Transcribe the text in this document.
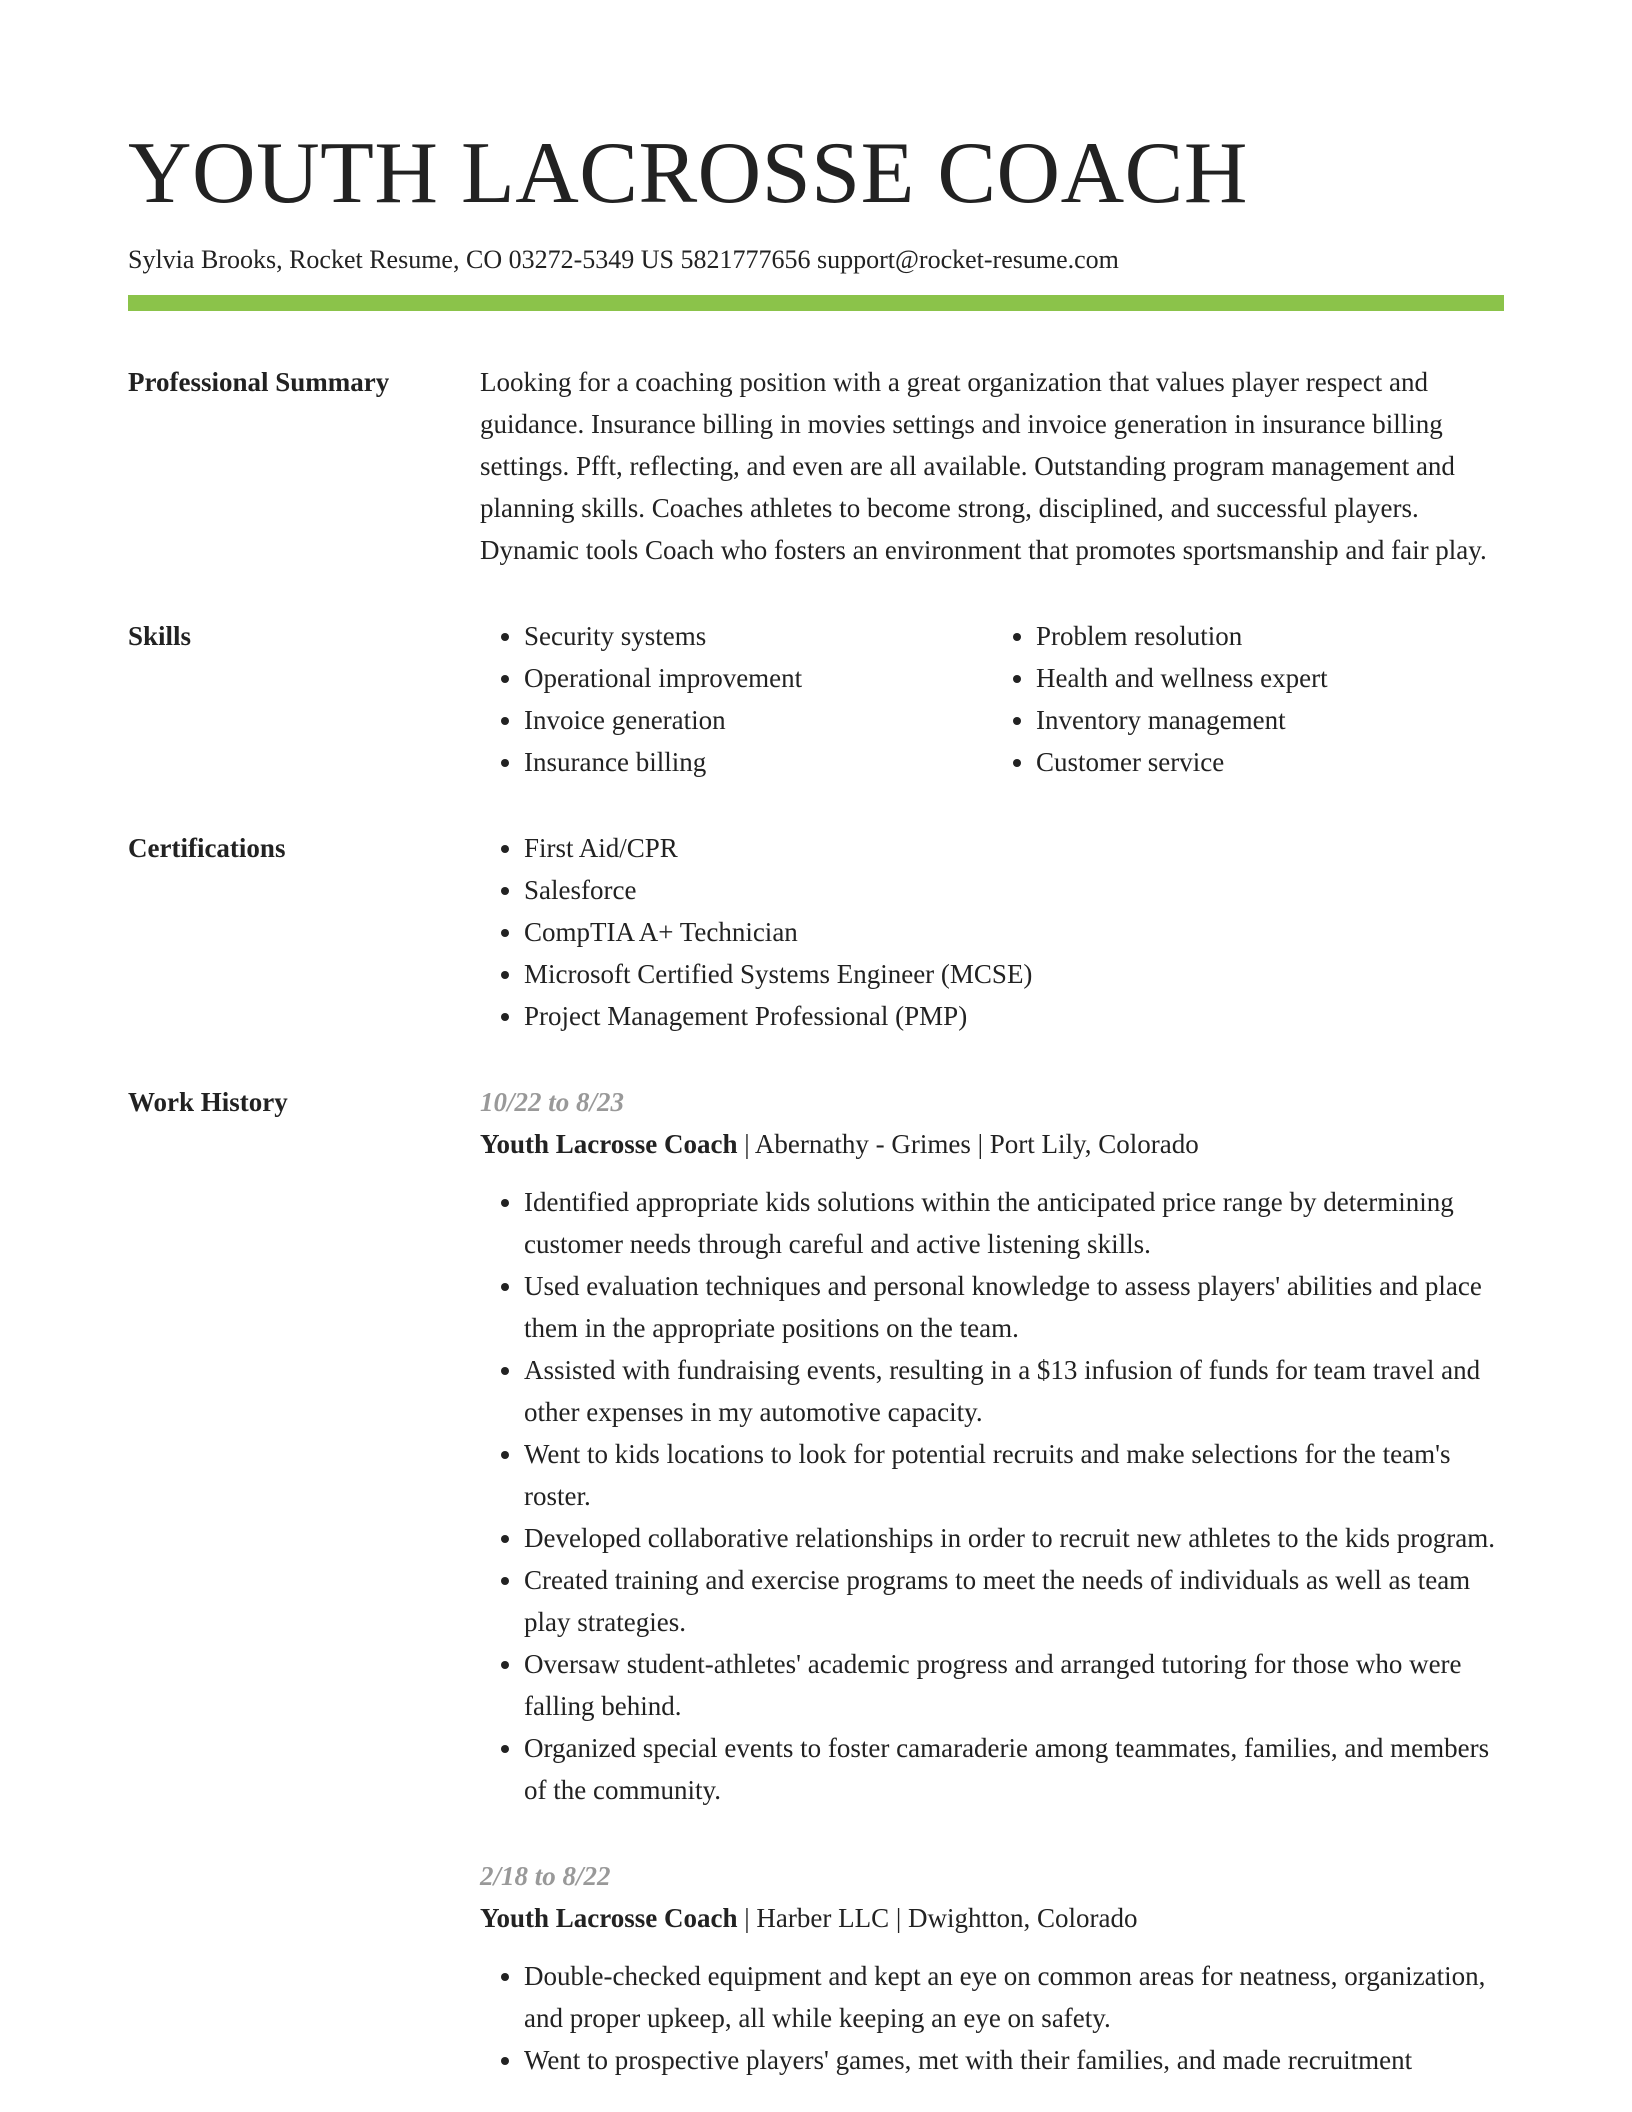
YOUTH LACROSSE COACH
Sylvia Brooks, Rocket Resume, CO 03272-5349 US 5821777656 support@rocket-resume.com
Professional Summary	Looking for a coaching position with a great organization that values player respect and guidance. Insurance billing in movies settings and invoice generation in insurance billing settings. Pfft, reflecting, and even are all available. Outstanding program management and planning skills. Coaches athletes to become strong, disciplined, and successful players. Dynamic tools Coach who fosters an environment that promotes sportsmanship and fair play.

Skills	• Security systems
• Operational improvement
• Invoice generation
• Insurance billing
• Problem resolution
• Health and wellness expert
• Inventory management
• Customer service
Certifications	• First Aid/CPR
• Salesforce
• CompTIA A+ Technician
• Microsoft Certified Systems Engineer (MCSE)
• Project Management Professional (PMP)
Work History	10/22 to 8/23
Youth Lacrosse Coach | Abernathy - Grimes | Port Lily, Colorado
• Identified appropriate kids solutions within the anticipated price range by determining customer needs through careful and active listening skills.
• Used evaluation techniques and personal knowledge to assess players' abilities and place them in the appropriate positions on the team.
• Assisted with fundraising events, resulting in a $13 infusion of funds for team travel and other expenses in my automotive capacity.
• Went to kids locations to look for potential recruits and make selections for the team's roster.
• Developed collaborative relationships in order to recruit new athletes to the kids program.
• Created training and exercise programs to meet the needs of individuals as well as team play strategies.
• Oversaw student-athletes' academic progress and arranged tutoring for those who were falling behind.
• Organized special events to foster camaraderie among teammates, families, and members of the community.
2/18 to 8/22
Youth Lacrosse Coach | Harber LLC | Dwightton, Colorado
• Double-checked equipment and kept an eye on common areas for neatness, organization, and proper upkeep, all while keeping an eye on safety.
• Went to prospective players' games, met with their families, and made recruitment
